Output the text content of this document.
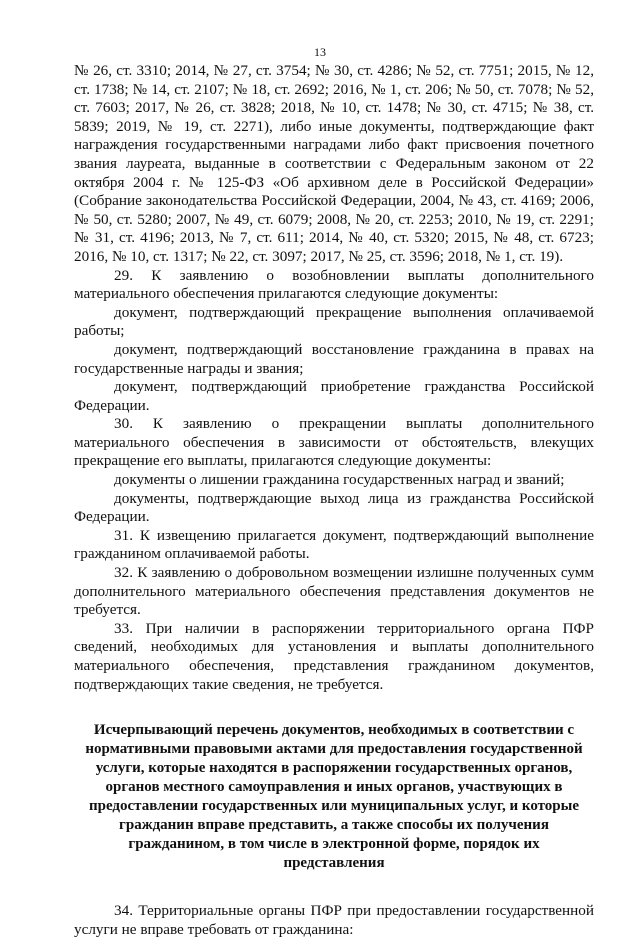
13

№ 26, ст. 3310; 2014, № 27, ст. 3754; № 30, ст. 4286; № 52, ст. 7751; 2015, № 12, ст. 1738; № 14, ст. 2107; № 18, ст. 2692; 2016, № 1, ст. 206; № 50, ст. 7078; № 52, ст. 7603; 2017, № 26, ст. 3828; 2018, № 10, ст. 1478; № 30, ст. 4715; № 38, ст. 5839; 2019, № 19, ст. 2271), либо иные документы, подтверждающие факт награждения государственными наградами либо факт присвоения почетного звания лауреата, выданные в соответствии с Федеральным законом от 22 октября 2004 г. № 125-ФЗ «Об архивном деле в Российской Федерации» (Собрание законодательства Российской Федерации, 2004, № 43, ст. 4169; 2006, № 50, ст. 5280; 2007, № 49, ст. 6079; 2008, № 20, ст. 2253; 2010, № 19, ст. 2291; № 31, ст. 4196; 2013, № 7, ст. 611; 2014, № 40, ст. 5320; 2015, № 48, ст. 6723; 2016, № 10, ст. 1317; № 22, ст. 3097; 2017, № 25, ст. 3596; 2018, № 1, ст. 19).

29. К заявлению о возобновлении выплаты дополнительного материального обеспечения прилагаются следующие документы:

документ, подтверждающий прекращение выполнения оплачиваемой работы;

документ, подтверждающий восстановление гражданина в правах на государственные награды и звания;

документ, подтверждающий приобретение гражданства Российской Федерации.

30. К заявлению о прекращении выплаты дополнительного материального обеспечения в зависимости от обстоятельств, влекущих прекращение его выплаты, прилагаются следующие документы:

документы о лишении гражданина государственных наград и званий;

документы, подтверждающие выход лица из гражданства Российской Федерации.

31. К извещению прилагается документ, подтверждающий выполнение гражданином оплачиваемой работы.

32. К заявлению о добровольном возмещении излишне полученных сумм дополнительного материального обеспечения представления документов не требуется.

33. При наличии в распоряжении территориального органа ПФР сведений, необходимых для установления и выплаты дополнительного материального обеспечения, представления гражданином документов, подтверждающих такие сведения, не требуется.

Исчерпывающий перечень документов, необходимых в соответствии с нормативными правовыми актами для предоставления государственной услуги, которые находятся в распоряжении государственных органов, органов местного самоуправления и иных органов, участвующих в предоставлении государственных или муниципальных услуг, и которые гражданин вправе представить, а также способы их получения гражданином, в том числе в электронной форме, порядок их представления

34. Территориальные органы ПФР при предоставлении государственной услуги не вправе требовать от гражданина:
